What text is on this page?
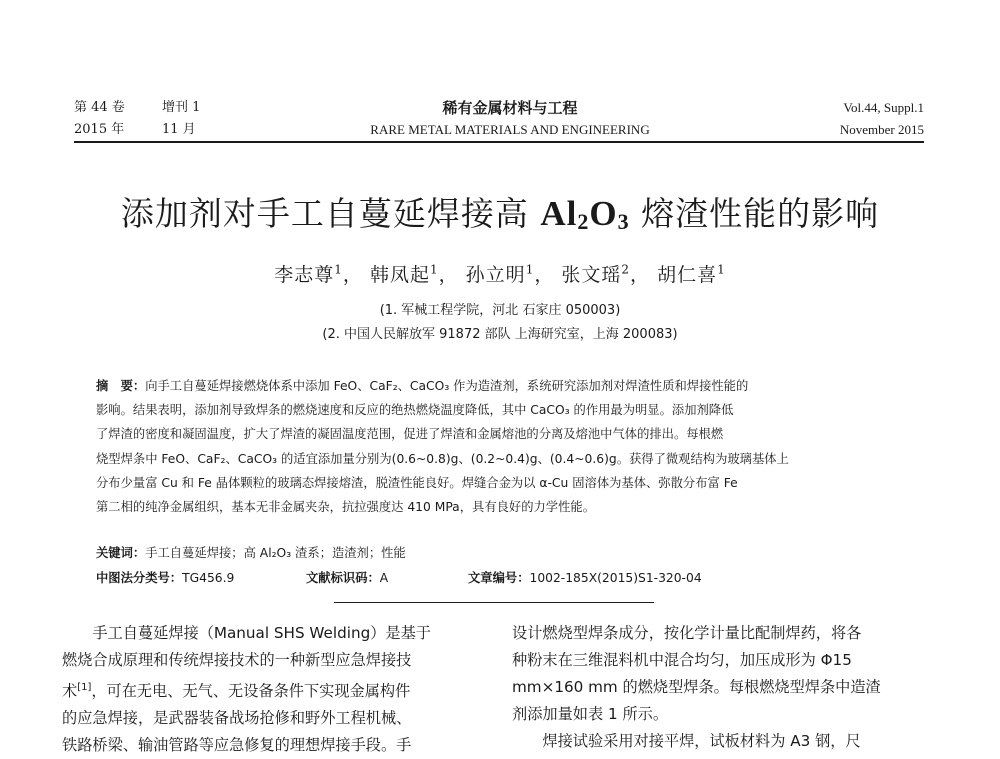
第 44 卷	增刊 1
2015 年	11 月
稀有金属材料与工程
RARE METAL MATERIALS AND ENGINEERING
Vol.44, Suppl.1
November 2015
添加剂对手工自蔓延焊接高 $Al_2O_3$ 熔渣性能的影响
李志尊$^1$， 韩凤起$^1$， 孙立明$^1$， 张文瑶$^2$， 胡仁喜$^1$
(1. 军械工程学院，河北 石家庄 050003)
(2. 中国人民解放军 91872 部队 上海研究室，上海 200083)
摘　要：向手工自蔓延焊接燃烧体系中添加 FeO、CaF₂、CaCO₃ 作为造渣剂，系统研究添加剂对焊渣性质和焊接性能的
影响。结果表明，添加剂导致焊条的燃烧速度和反应的绝热燃烧温度降低，其中 CaCO₃ 的作用最为明显。添加剂降低
了焊渣的密度和凝固温度，扩大了焊渣的凝固温度范围，促进了焊渣和金属熔池的分离及熔池中气体的排出。每根燃
烧型焊条中 FeO、CaF₂、CaCO₃ 的适宜添加量分别为(0.6~0.8)g、(0.2~0.4)g、(0.4~0.6)g。获得了微观结构为玻璃基体上
分布少量富 Cu 和 Fe 晶体颗粒的玻璃态焊接熔渣，脱渣性能良好。焊缝合金为以 α-Cu 固溶体为基体、弥散分布富 Fe
第二相的纯净金属组织，基本无非金属夹杂，抗拉强度达 410 MPa，具有良好的力学性能。
关键词：手工自蔓延焊接；高 Al₂O₃ 渣系；造渣剂；性能
中图法分类号：TG456.9	文献标识码：A	文章编号：1002-185X(2015)S1-320-04
　　手工自蔓延焊接（Manual SHS Welding）是基于
燃烧合成原理和传统焊接技术的一种新型应急焊接技
术[1]，可在无电、无气、无设备条件下实现金属构件
的应急焊接，是武器装备战场抢修和野外工程机械、
铁路桥梁、输油管路等应急修复的理想焊接手段。手
设计燃烧型焊条成分，按化学计量比配制焊药，将各
种粉末在三维混料机中混合均匀，加压成形为 Φ15
mm×160 mm 的燃烧型焊条。每根燃烧型焊条中造渣
剂添加量如表 1 所示。
　　焊接试验采用对接平焊，试板材料为 A3 钢，尺
